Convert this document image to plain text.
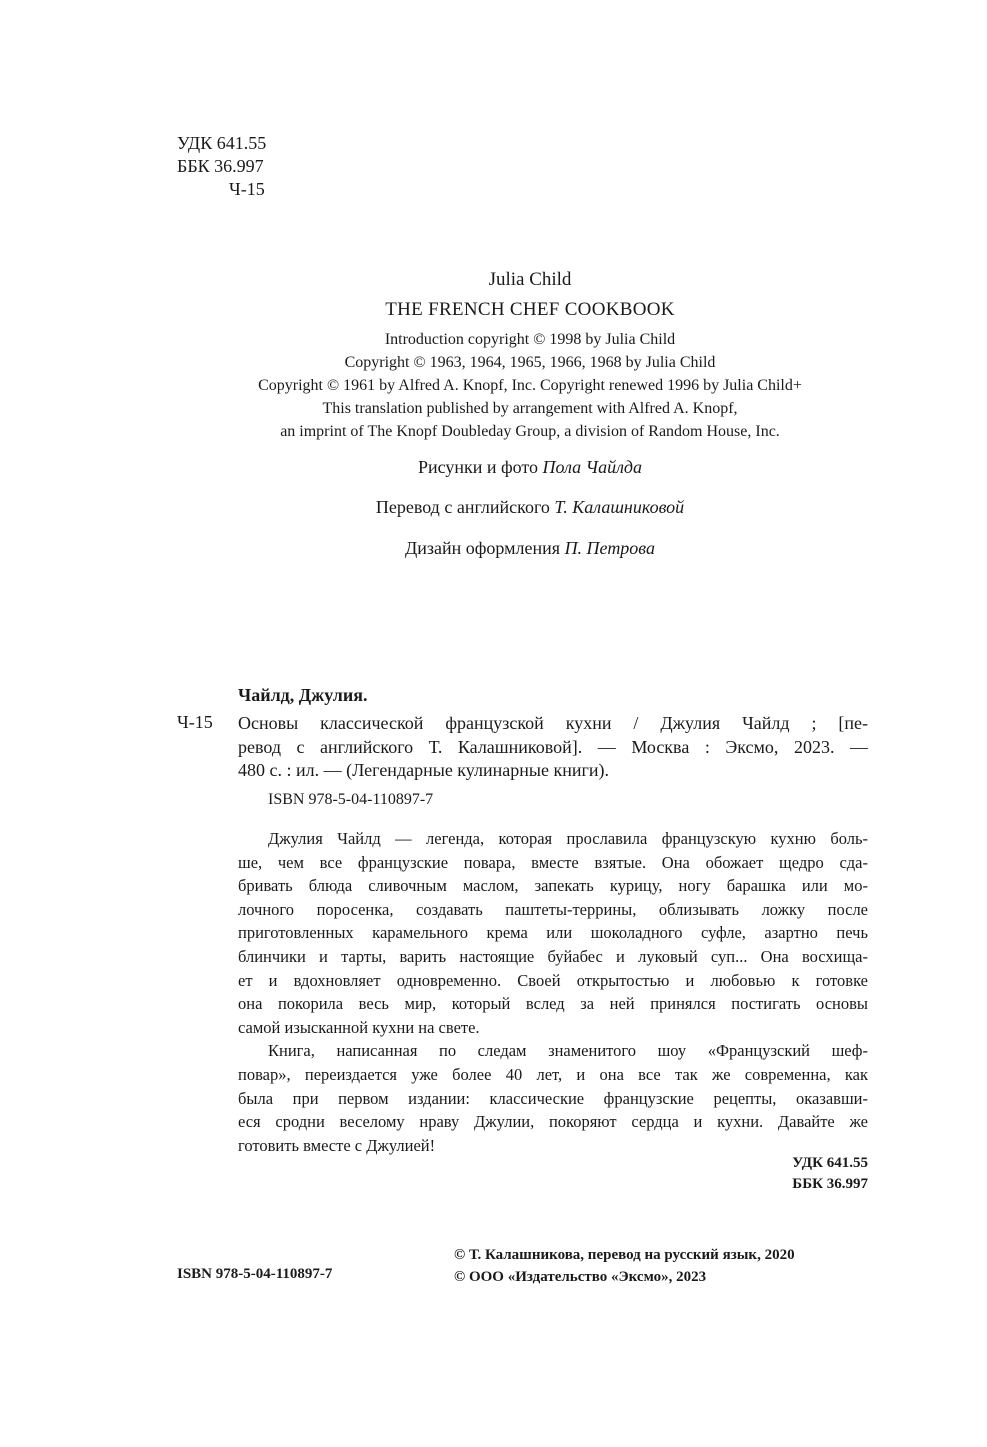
УДК 641.55
ББК 36.997
Ч-15
Julia Child
THE FRENCH CHEF COOKBOOK
Introduction copyright © 1998 by Julia Child
Copyright © 1963, 1964, 1965, 1966, 1968 by Julia Child
Copyright © 1961 by Alfred A. Knopf, Inc. Copyright renewed 1996 by Julia Child+
This translation published by arrangement with Alfred A. Knopf,
an imprint of The Knopf Doubleday Group, a division of Random House, Inc.
Рисунки и фото Пола Чайлда
Перевод с английского Т. Калашниковой
Дизайн оформления П. Петрова
Чайлд, Джулия.
Ч-15 Основы классической французской кухни / Джулия Чайлд ; [пе-
ревод с английского Т. Калашниковой]. — Москва : Эксмо, 2023. —
480 с. : ил. — (Легендарные кулинарные книги).
ISBN 978-5-04-110897-7
Джулия Чайлд — легенда, которая прославила французскую кухню боль-
ше, чем все французские повара, вместе взятые. Она обожает щедро сда-
бривать блюда сливочным маслом, запекать курицу, ногу барашка или мо-
лочного поросенка, создавать паштеты-террины, облизывать ложку после
приготовленных карамельного крема или шоколадного суфле, азартно печь
блинчики и тарты, варить настоящие буйабес и луковый суп... Она восхища-
ет и вдохновляет одновременно. Своей открытостью и любовью к готовке
она покорила весь мир, который вслед за ней принялся постигать основы
самой изысканной кухни на свете.
Книга, написанная по следам знаменитого шоу «Французский шеф-
повар», переиздается уже более 40 лет, и она все так же современна, как
была при первом издании: классические французские рецепты, оказавши-
еся сродни веселому нраву Джулии, покоряют сердца и кухни. Давайте же
готовить вместе с Джулией!
УДК 641.55
ББК 36.997
© Т. Калашникова, перевод на русский язык, 2020
© ООО «Издательство «Эксмо», 2023
ISBN 978-5-04-110897-7
